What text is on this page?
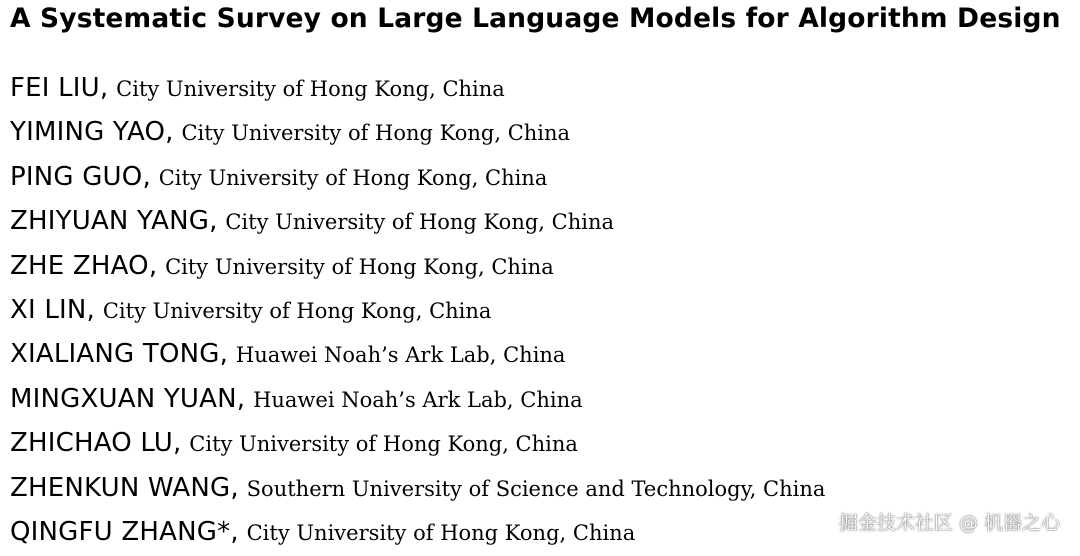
A Systematic Survey on Large Language Models for Algorithm Design
FEI LIU, City University of Hong Kong, China
YIMING YAO, City University of Hong Kong, China
PING GUO, City University of Hong Kong, China
ZHIYUAN YANG, City University of Hong Kong, China
ZHE ZHAO, City University of Hong Kong, China
XI LIN, City University of Hong Kong, China
XIALIANG TONG, Huawei Noah’s Ark Lab, China
MINGXUAN YUAN, Huawei Noah’s Ark Lab, China
ZHICHAO LU, City University of Hong Kong, China
ZHENKUN WANG, Southern University of Science and Technology, China
QINGFU ZHANG*, City University of Hong Kong, China	掘金技术社区 @ 机器之心
